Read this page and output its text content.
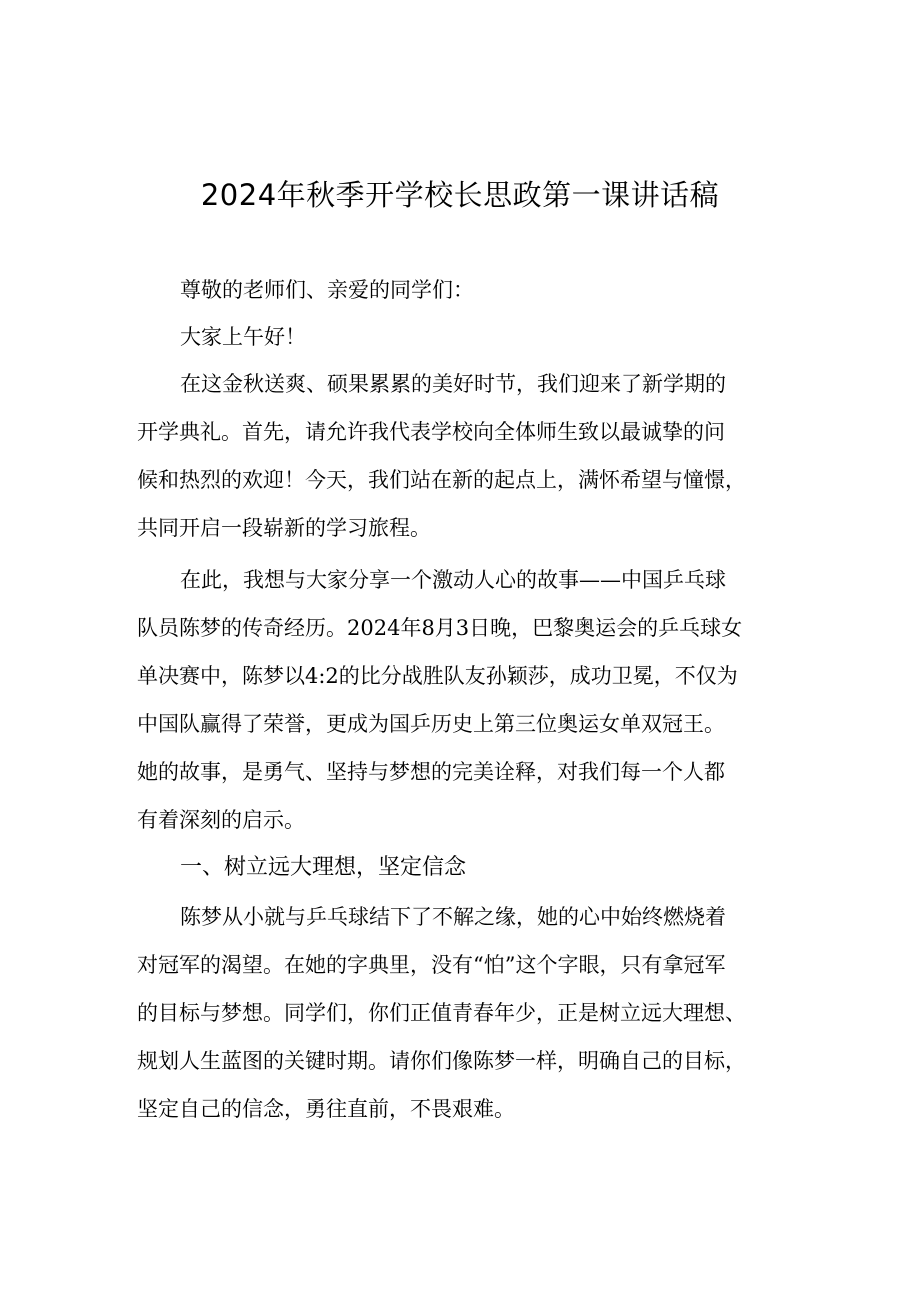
2024年秋季开学校长思政第一课讲话稿

尊敬的老师们、亲爱的同学们：

大家上午好！

在这金秋送爽、硕果累累的美好时节，我们迎来了新学期的

开学典礼。首先，请允许我代表学校向全体师生致以最诚挚的问

候和热烈的欢迎！今天，我们站在新的起点上，满怀希望与憧憬，

共同开启一段崭新的学习旅程。

在此，我想与大家分享一个激动人心的故事——中国乒乓球

队员陈梦的传奇经历。2024年8月3日晚，巴黎奥运会的乒乓球女

单决赛中，陈梦以4:2的比分战胜队友孙颖莎，成功卫冕，不仅为

中国队赢得了荣誉，更成为国乒历史上第三位奥运女单双冠王。

她的故事，是勇气、坚持与梦想的完美诠释，对我们每一个人都

有着深刻的启示。

一、树立远大理想，坚定信念

陈梦从小就与乒乓球结下了不解之缘，她的心中始终燃烧着

对冠军的渴望。在她的字典里，没有“怕”这个字眼，只有拿冠军

的目标与梦想。同学们，你们正值青春年少，正是树立远大理想、

规划人生蓝图的关键时期。请你们像陈梦一样，明确自己的目标，

坚定自己的信念，勇往直前，不畏艰难。
